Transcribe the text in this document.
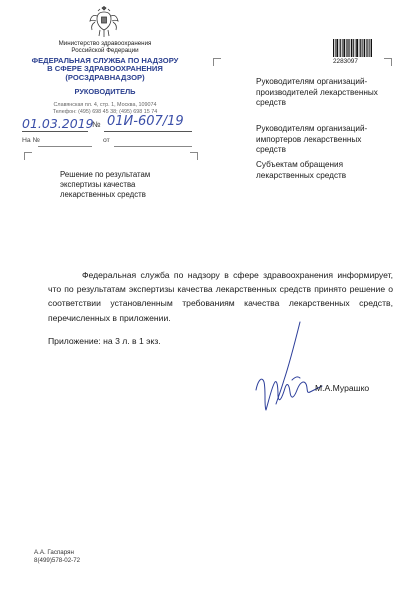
Министерство здравоохранения
Российской Федерации
ФЕДЕРАЛЬНАЯ СЛУЖБА ПО НАДЗОРУ
В СФЕРЕ ЗДРАВООХРАНЕНИЯ
(РОСЗДРАВНАДЗОР)
РУКОВОДИТЕЛЬ
Славянская пл. 4, стр. 1, Москва, 109074
Телефон: (495) 698 45 38; (495) 698 15 74
01.03.2019
№ 01И-607/19
На №	от
Решение по результатам экспертизы качества лекарственных средств
2283097
Руководителям организаций-производителей лекарственных средств
Руководителям организаций-импортеров лекарственных средств
Субъектам обращения лекарственных средств
Федеральная служба по надзору в сфере здравоохранения информирует, что по результатам экспертизы качества лекарственных средств принято решение о соответствии установленным требованиям качества лекарственных средств, перечисленных в приложении.
Приложение: на 3 л. в 1 экз.
М.А.Мурашко
А.А. Гаспарян
8(499)578-02-72
